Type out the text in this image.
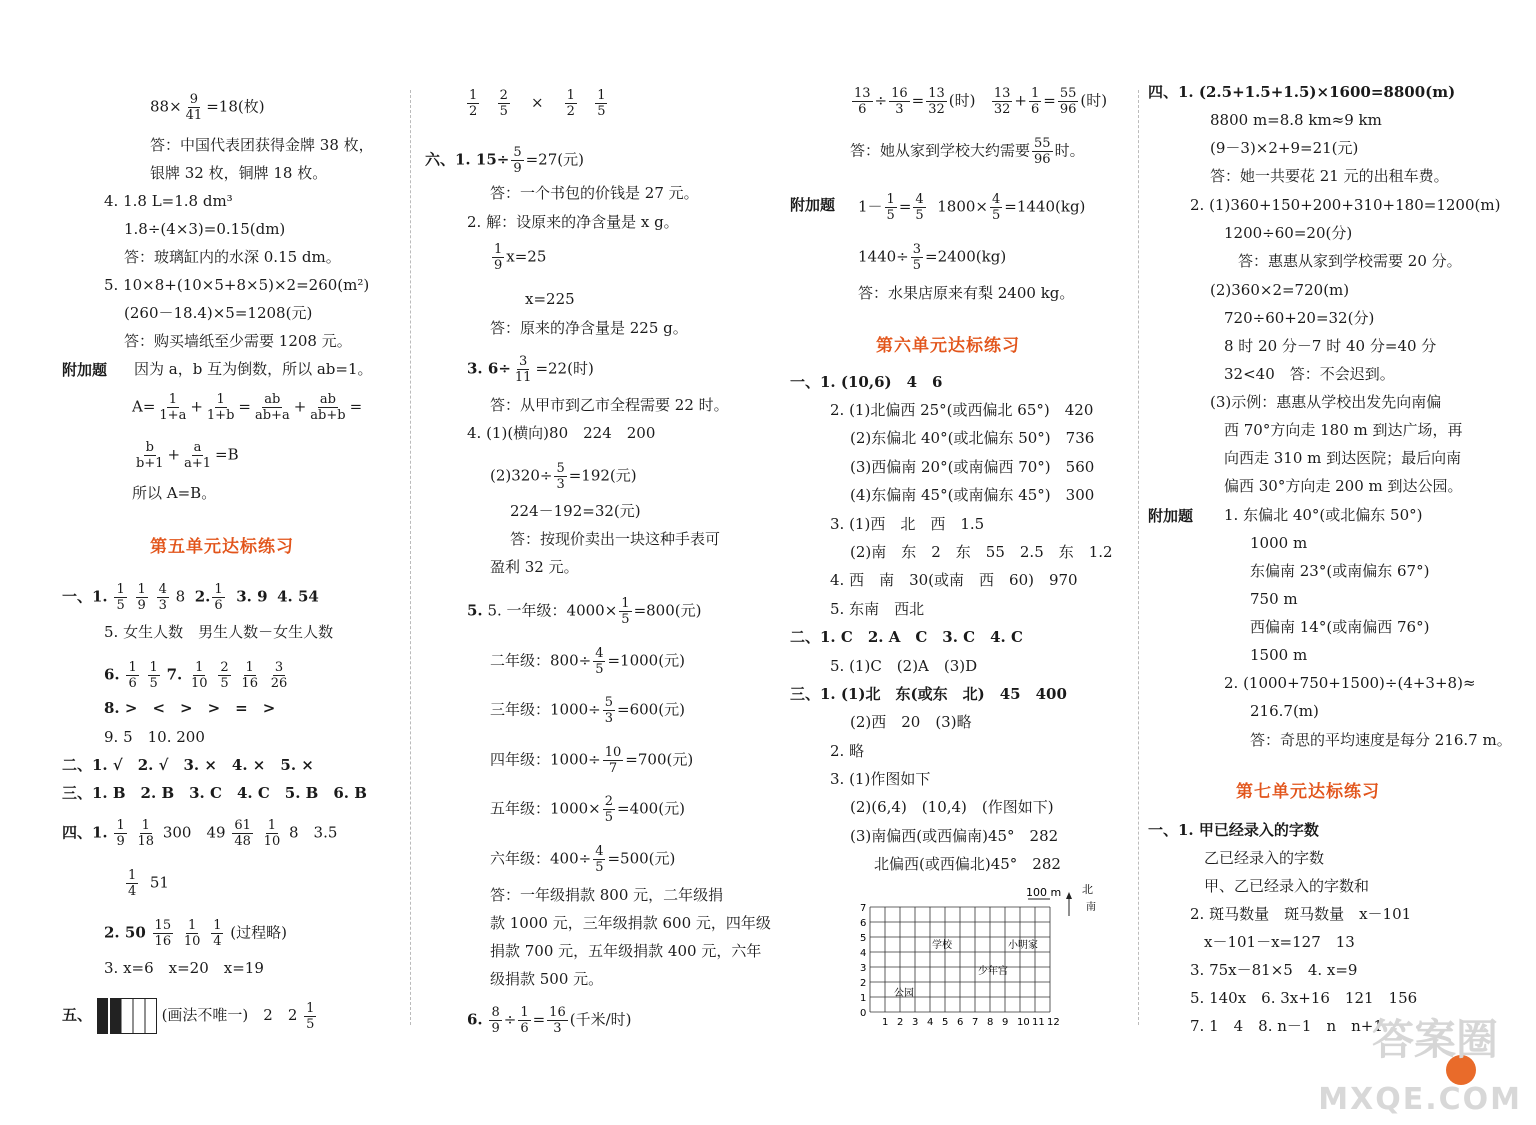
$88\times \frac{9}{41} =18$(枚)
答：中国代表团获得金牌 38 枚，
银牌 32 枚，铜牌 18 枚。
4. 1.8 L=1.8 dm³
1.8÷(4×3)=0.15(dm)
答：玻璃缸内的水深 0.15 dm。
5. 10×8+(10×5+8×5)×2=260(m²)
(260－18.4)×5=1208(元)
答：购买墙纸至少需要 1208 元。
附加题 因为 a，b 互为倒数，所以 ab=1。
$A= \frac{1}{1+a} + \frac{1}{1+b} = \frac{ab}{ab+a} + \frac{ab}{ab+b}$ =
$\frac{b}{b+1} + \frac{a}{a+1} =B$
所以 A=B。
第五单元达标练习
一、1. $\frac{1}{5}$
$\frac{1}{9}$
$\frac{4}{3} 8$ 2. $\frac{1}{6} 3$. 9 4. 54
5. 女生人数　男生人数－女生人数
6. $\frac{1}{6}$
$\frac{1}{5} 7$. $\frac{1}{10}$
$\frac{2}{5}$
$\frac{1}{16}$
$\frac{3}{26}$
8. >　<　>　>　=　>
9. 5　10. 200
二、1. √　2. √　3. ×　4. ×　5. ×
三、1. B　2. B　3. C　4. C　5. B　6. B
四、1. $\frac{1}{9}$
$\frac{1}{18} 300$　$49 \frac{61}{48}$
$\frac{1}{10} 8$　3.5
$\frac{1}{4} 51$
2. $50 \frac{15}{16}$
$\frac{1}{10}$
$\frac{1}{4}$ (过程略)
3. x=6　x=20　x=19
五、	(画法不唯一)　2　$2 \frac{1}{5}$
$\frac{1}{2}$
$\frac{2}{5} \times \frac{1}{2}$
$\frac{1}{5}$
六、1. $15\div \frac{5}{9} =27$(元)
答：一个书包的价钱是 27 元。
2. 解：设原来的净含量是 x g。
$\frac{1}{9} x=25$
x=225
答：原来的净含量是 225 g。
3. $6\div \frac{3}{11} =22$(时)
答：从甲市到乙市全程需要 22 时。
4. (1)(横向)80　224　200
$(2)320\div \frac{5}{3} =192$(元)
224－192=32(元)
答：按现价卖出一块这种手表可
盈利 32 元。
5. 5. 一年级：$4000\times \frac{1}{5} =800$(元)
二年级：$800\div \frac{4}{5} =1000$(元)
三年级：$1000\div \frac{5}{3} =600$(元)
四年级：$1000\div \frac{10}{7} =700$(元)
五年级：$1000\times \frac{2}{5} =400$(元)
六年级：$400\div \frac{4}{5} =500$(元)
答：一年级捐款 800 元，二年级捐
款 1000 元，三年级捐款 600 元，四年级
捐款 700 元，五年级捐款 400 元，六年
级捐款 500 元。
6. $\frac{8}{9} \div \frac{1}{6} = \frac{16}{3}$ (千米/时)
$\frac{13}{6} \div \frac{16}{3} = \frac{13}{32}$ (时) $\frac{13}{32} + \frac{1}{6} = \frac{55}{96}$ (时)
答：她从家到学校大约需要 $\frac{55}{96}$ 时。
附加题 $1- \frac{1}{5} = \frac{4}{5} 1800\times \frac{4}{5} =1440(kg)$
$1440\div \frac{3}{5} =2400(kg)$
答：水果店原来有梨 2400 kg。
第六单元达标练习
一、1. (10,6)　4　6
2. (1)北偏西 25°(或西偏北 65°)　420
(2)东偏北 40°(或北偏东 50°)　736
(3)西偏南 20°(或南偏西 70°)　560
(4)东偏南 45°(或南偏东 45°)　300
3. (1)西　北　西　1.5
(2)南　东　2　东　55　2.5　东　1.2
4. 西　南　30(或南　西　60)　970
5. 东南　西北
二、1. C　2. A　C　3. C　4. C
5. (1)C　(2)A　(3)D
三、1. (1)北　东(或东　北)　45　400
(2)西　20　(3)略
2. 略
3. (1)作图如下
(2)(6,4)　(10,4)　(作图如下)
(3)南偏西(或西偏南)45°　282
北偏西(或西偏北)45°　282
1 2 3 4 5 6 7 8 9 10 11 12
0
1
2
3
4
5
6
7
100 m 北
南
学校	小明家
少年宫
公园
四、1. (2.5+1.5+1.5)×1600=8800(m)
8800 m=8.8 km≈9 km
(9－3)×2+9=21(元)
答：她一共要花 21 元的出租车费。
2. (1)360+150+200+310+180=1200(m)
1200÷60=20(分)
答：惠惠从家到学校需要 20 分。
(2)360×2=720(m)
720÷60+20=32(分)
8 时 20 分－7 时 40 分=40 分
32<40　答：不会迟到。
(3)示例：惠惠从学校出发先向南偏
西 70°方向走 180 m 到达广场，再
向西走 310 m 到达医院；最后向南
偏西 30°方向走 200 m 到达公园。
附加题 1. 东偏北 40°(或北偏东 50°)
1000 m
东偏南 23°(或南偏东 67°)
750 m
西偏南 14°(或南偏西 76°)
1500 m
2. (1000+750+1500)÷(4+3+8)≈
216.7(m)
答：奇思的平均速度是每分 216.7 m。
第七单元达标练习
一、1. 甲已经录入的字数
乙已经录入的字数
甲、乙已经录入的字数和
2. 斑马数量　斑马数量　x－101
x－101－x=127　13
3. 75x－81×5　4. x=9
5. 140x　6. 3x+16　121　156
7. 1　4　8. n－1　n　n+1
答案圈
MXQE.COM
